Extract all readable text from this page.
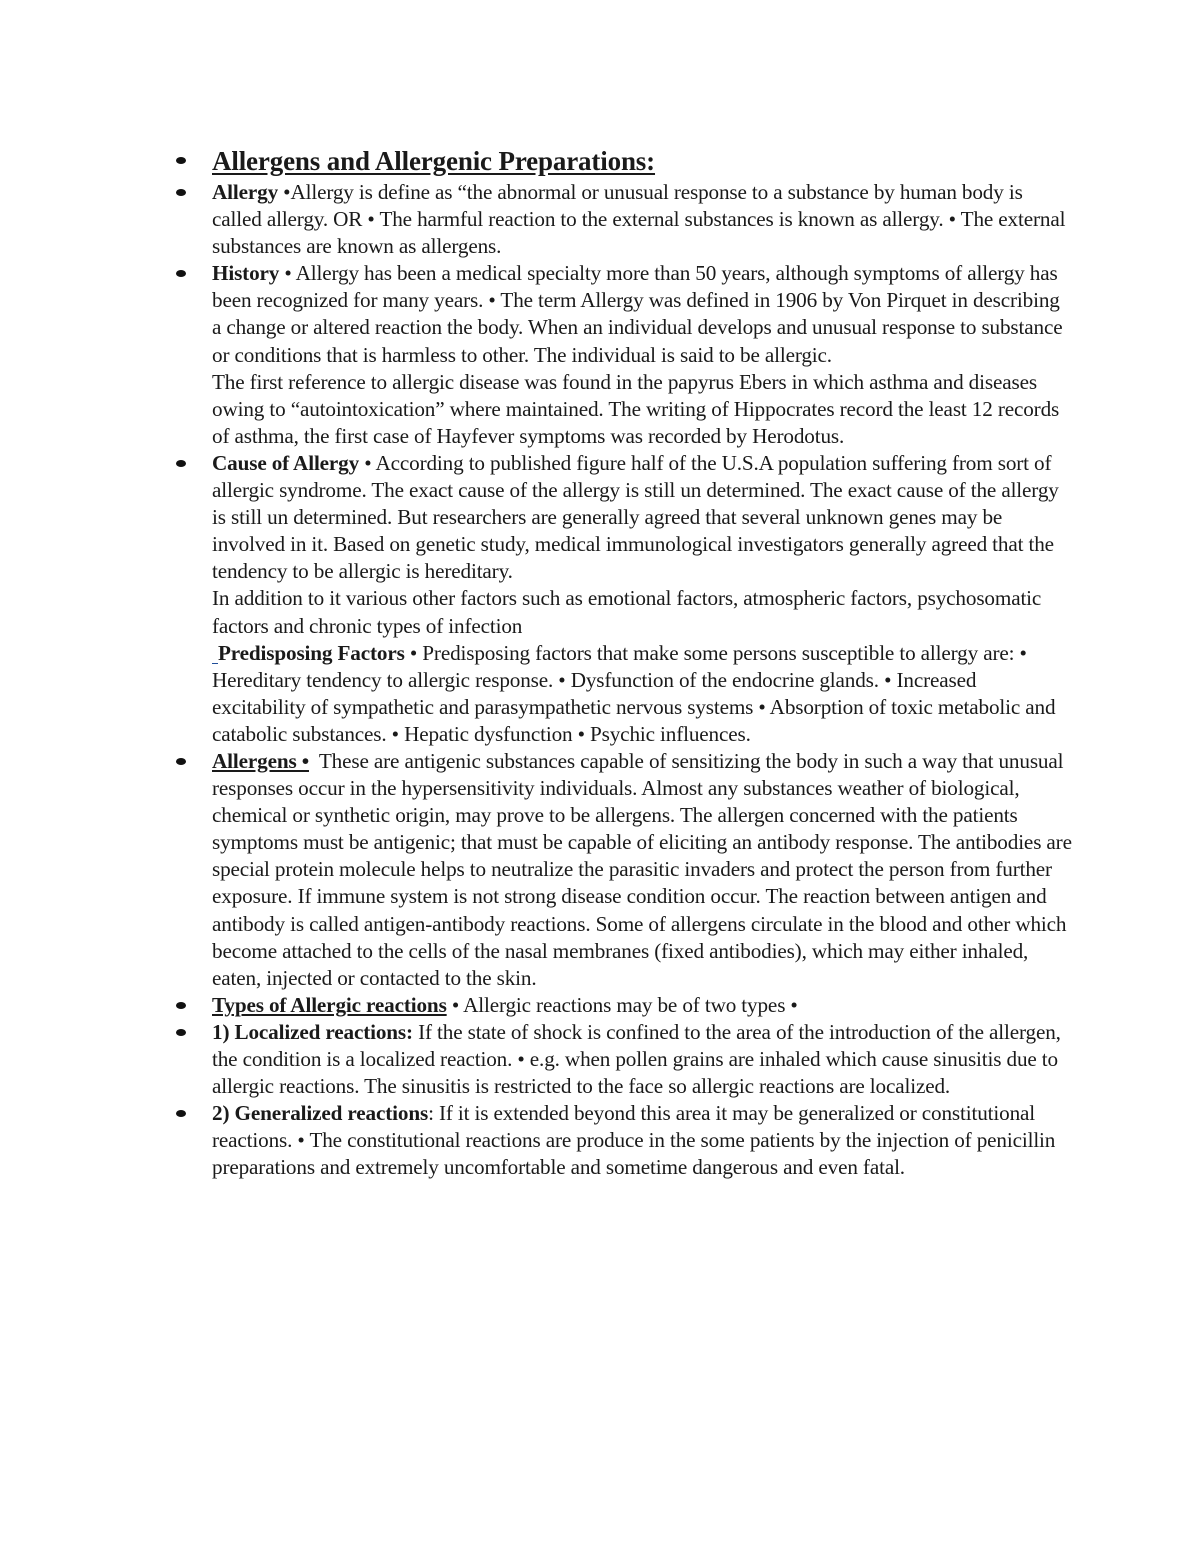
Allergens and Allergenic Preparations:
Allergy •Allergy is define as “the abnormal or unusual response to a substance by human body is called allergy. OR • The harmful reaction to the external substances is known as allergy. • The external substances are known as allergens.
History • Allergy has been a medical specialty more than 50 years, although symptoms of allergy has been recognized for many years. • The term Allergy was defined in 1906 by Von Pirquet in describing a change or altered reaction the body. When an individual develops and unusual response to substance or conditions that is harmless to other. The individual is said to be allergic.
The first reference to allergic disease was found in the papyrus Ebers in which asthma and diseases owing to “autointoxication” where maintained. The writing of Hippocrates record the least 12 records of asthma, the first case of Hayfever symptoms was recorded by Herodotus.
Cause of Allergy • According to published figure half of the U.S.A population suffering from sort of allergic syndrome. The exact cause of the allergy is still un determined. The exact cause of the allergy is still un determined. But researchers are generally agreed that several unknown genes may be involved in it. Based on genetic study, medical immunological investigators generally agreed that the tendency to be allergic is hereditary.
In addition to it various other factors such as emotional factors, atmospheric factors, psychosomatic factors and chronic types of infection
Predisposing Factors • Predisposing factors that make some persons susceptible to allergy are: • Hereditary tendency to allergic response. • Dysfunction of the endocrine glands. • Increased excitability of sympathetic and parasympathetic nervous systems • Absorption of toxic metabolic and catabolic substances. • Hepatic dysfunction • Psychic influences.
Allergens •  These are antigenic substances capable of sensitizing the body in such a way that unusual responses occur in the hypersensitivity individuals. Almost any substances weather of biological, chemical or synthetic origin, may prove to be allergens. The allergen concerned with the patients symptoms must be antigenic; that must be capable of eliciting an antibody response. The antibodies are special protein molecule helps to neutralize the parasitic invaders and protect the person from further exposure. If immune system is not strong disease condition occur. The reaction between antigen and antibody is called antigen-antibody reactions. Some of allergens circulate in the blood and other which become attached to the cells of the nasal membranes (fixed antibodies), which may either inhaled, eaten, injected or contacted to the skin.
Types of Allergic reactions • Allergic reactions may be of two types •
1) Localized reactions: If the state of shock is confined to the area of the introduction of the allergen, the condition is a localized reaction. • e.g. when pollen grains are inhaled which cause sinusitis due to allergic reactions. The sinusitis is restricted to the face so allergic reactions are localized.
2) Generalized reactions: If it is extended beyond this area it may be generalized or constitutional reactions. • The constitutional reactions are produce in the some patients by the injection of penicillin preparations and extremely uncomfortable and sometime dangerous and even fatal.
